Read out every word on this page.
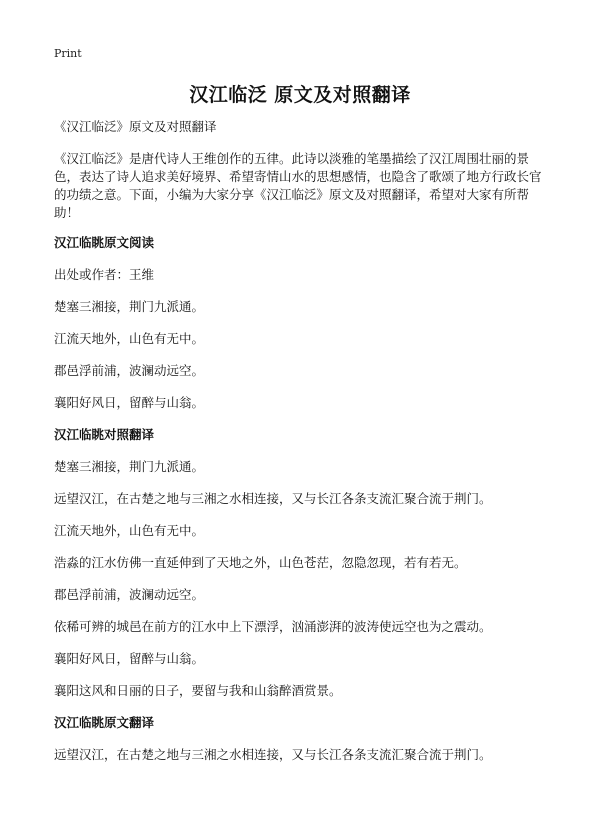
Print
汉江临泛 原文及对照翻译
《汉江临泛》原文及对照翻译
《汉江临泛》是唐代诗人王维创作的五律。此诗以淡雅的笔墨描绘了汉江周围壮丽的景色，表达了诗人追求美好境界、希望寄情山水的思想感情，也隐含了歌颂了地方行政长官的功绩之意。下面，小编为大家分享《汉江临泛》原文及对照翻译，希望对大家有所帮助！
汉江临眺原文阅读
出处或作者：王维
楚塞三湘接，荆门九派通。
江流天地外，山色有无中。
郡邑浮前浦，波澜动远空。
襄阳好风日，留醉与山翁。
汉江临眺对照翻译
楚塞三湘接，荆门九派通。
远望汉江，在古楚之地与三湘之水相连接，又与长江各条支流汇聚合流于荆门。
江流天地外，山色有无中。
浩淼的江水仿佛一直延伸到了天地之外，山色苍茫，忽隐忽现，若有若无。
郡邑浮前浦，波澜动远空。
依稀可辨的城邑在前方的江水中上下漂浮，汹涌澎湃的波涛使远空也为之震动。
襄阳好风日，留醉与山翁。
襄阳这风和日丽的日子，要留与我和山翁醉酒赏景。
汉江临眺原文翻译
远望汉江，在古楚之地与三湘之水相连接，又与长江各条支流汇聚合流于荆门。
